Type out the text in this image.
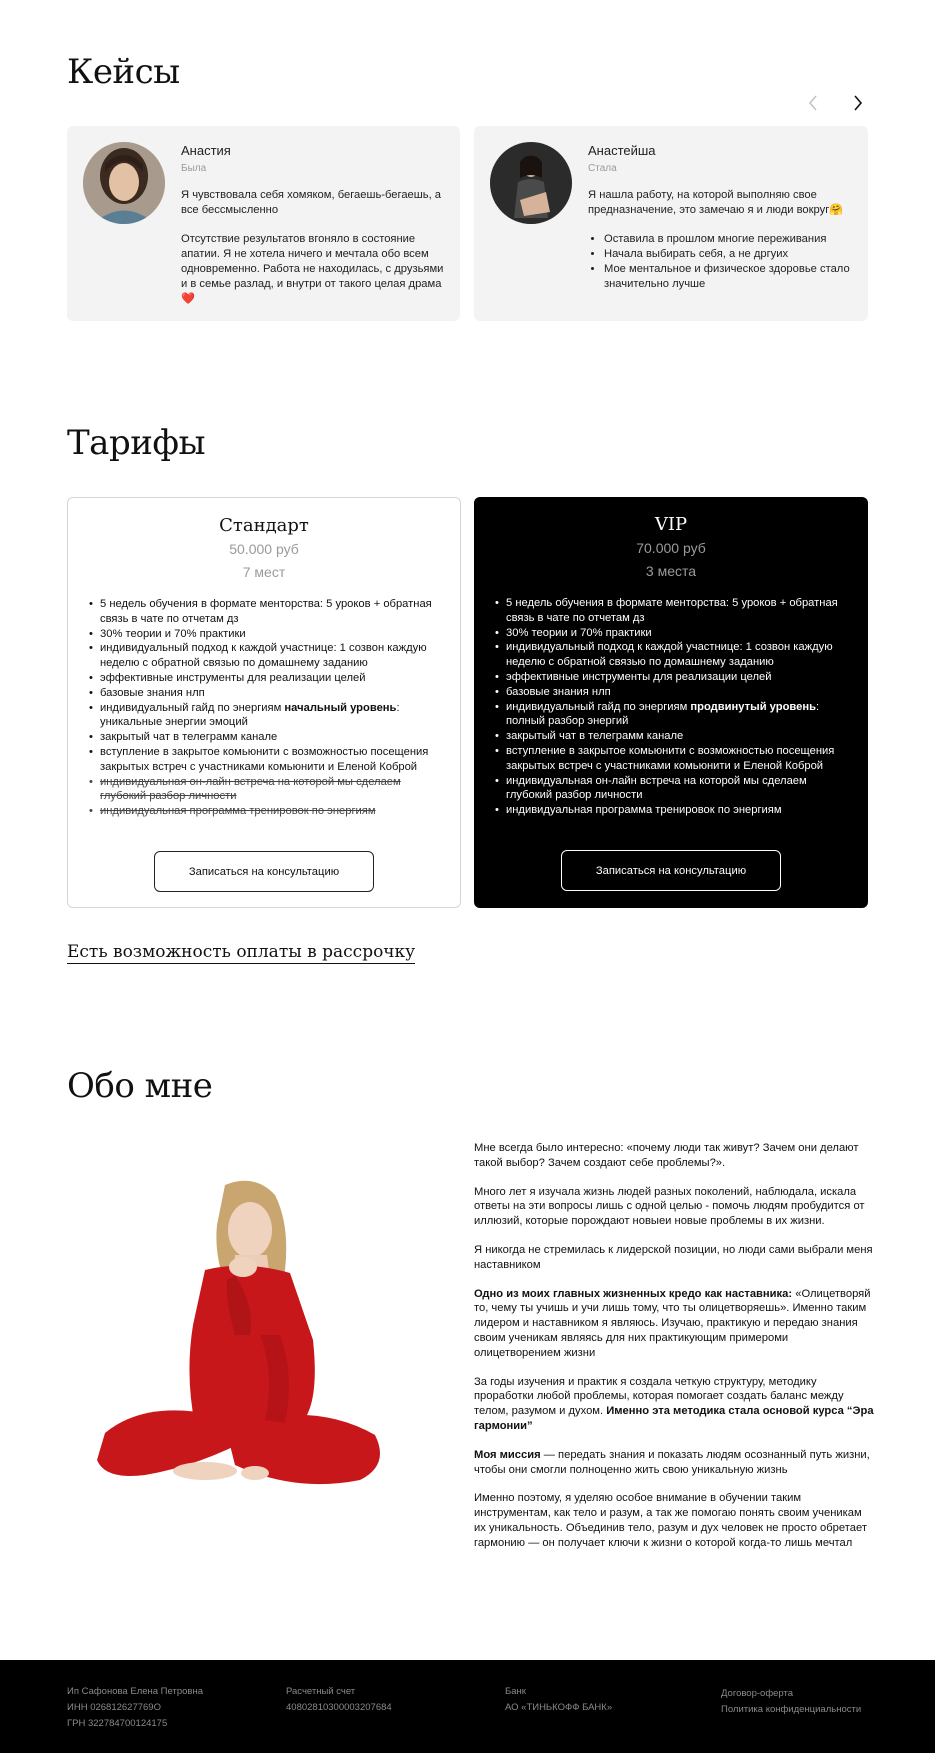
Кейсы
Анастия
Была

Я чувствовала себя хомяком, бегаешь-бегаешь, а все бессмысленно

Отсутствие результатов вгоняло в состояние апатии. Я не хотела ничего и мечтала обо всем одновременно. Работа не находилась, с друзьями и в семье разлад, и внутри от такого целая драма ❤️

Анастейша
Стала

Я нашла работу, на которой выполняю свое предназначение, это замечаю я и люди вокруг🤗

• Оставила в прошлом многие переживания
• Начала выбирать себя, а не дргуих
• Мое ментальное и физическое здоровье стало значительно лучше
Тарифы
Стандарт
50.000 руб
7 мест
• 5 недель обучения в формате менторства: 5 уроков + обратная связь в чате по отчетам дз
• 30% теории и 70% практики
• индивидуальный подход к каждой участнице: 1 созвон каждую неделю с обратной связью по домашнему заданию
• эффективные инструменты для реализации целей
• базовые знания нлп
• индивидуальный гайд по энергиям начальный уровень: уникальные энергии эмоций
• закрытый чат в телеграмм канале
• вступление в закрытое комьюнити с возможностью посещения закрытых встреч с участниками комьюнити и Еленой Коброй
• индивидуальная он-лайн встреча на которой мы сделаем глубокий разбор личности
• индивидуальная программа тренировок по энергиям
Записаться на консультацию
VIP
70.000 руб
3 места
• 5 недель обучения в формате менторства: 5 уроков + обратная связь в чате по отчетам дз
• 30% теории и 70% практики
• индивидуальный подход к каждой участнице: 1 созвон каждую неделю с обратной связью по домашнему заданию
• эффективные инструменты для реализации целей
• базовые знания нлп
• индивидуальный гайд по энергиям продвинутый уровень: полный разбор энергий
• закрытый чат в телеграмм канале
• вступление в закрытое комьюнити с возможностью посещения закрытых встреч с участниками комьюнити и Еленой Коброй
• индивидуальная он-лайн встреча на которой мы сделаем глубокий разбор личности
• индивидуальная программа тренировок по энергиям
Записаться на консультацию
Есть возможность оплаты в рассрочку
Обо мне

Мне всегда было интересно: «почему люди так живут? Зачем они делают такой выбор? Зачем создают себе проблемы?».

Много лет я изучала жизнь людей разных поколений, наблюдала, искала ответы на эти вопросы лишь с одной целью - помочь людям пробудится от иллюзий, которые порождают новыеи новые проблемы в их жизни.

Я никогда не стремилась к лидерской позиции, но люди сами выбрали меня наставником

Одно из моих главных жизненных кредо как наставника: «Олицетворяй то, чему ты учишь и учи лишь тому, что ты олицетворяешь». Именно таким лидером и наставником я являюсь. Изучаю, практикую и передаю знания своим ученикам являясь для них практикующим примероми олицетворением жизни

За годы изучения и практик я создала четкую структуру, методику проработки любой проблемы, которая помогает создать баланс между телом, разумом и духом. Именно эта методика стала основой курса “Эра гармонии”

Моя миссия — передать знания и показать людям осознанный путь жизни, чтобы они смогли полноценно жить свою уникальную жизнь

Именно поэтому, я уделяю особое внимание в обучении таким инструментам, как тело и разум, а так же помогаю понять своим ученикам их уникальность. Объединив тело, разум и дух человек не просто обретает гармонию — он получает ключи к жизни о которой когда-то лишь мечтал

Ип Сафонова Елена Петровна
ИНН 026812627769О
ГРН 322784700124175
Расчетный счет
40802810300003207684
Банк
АО «ТИНЬКОФФ БАНК»
Договор-оферта
Политика конфиденциальности
